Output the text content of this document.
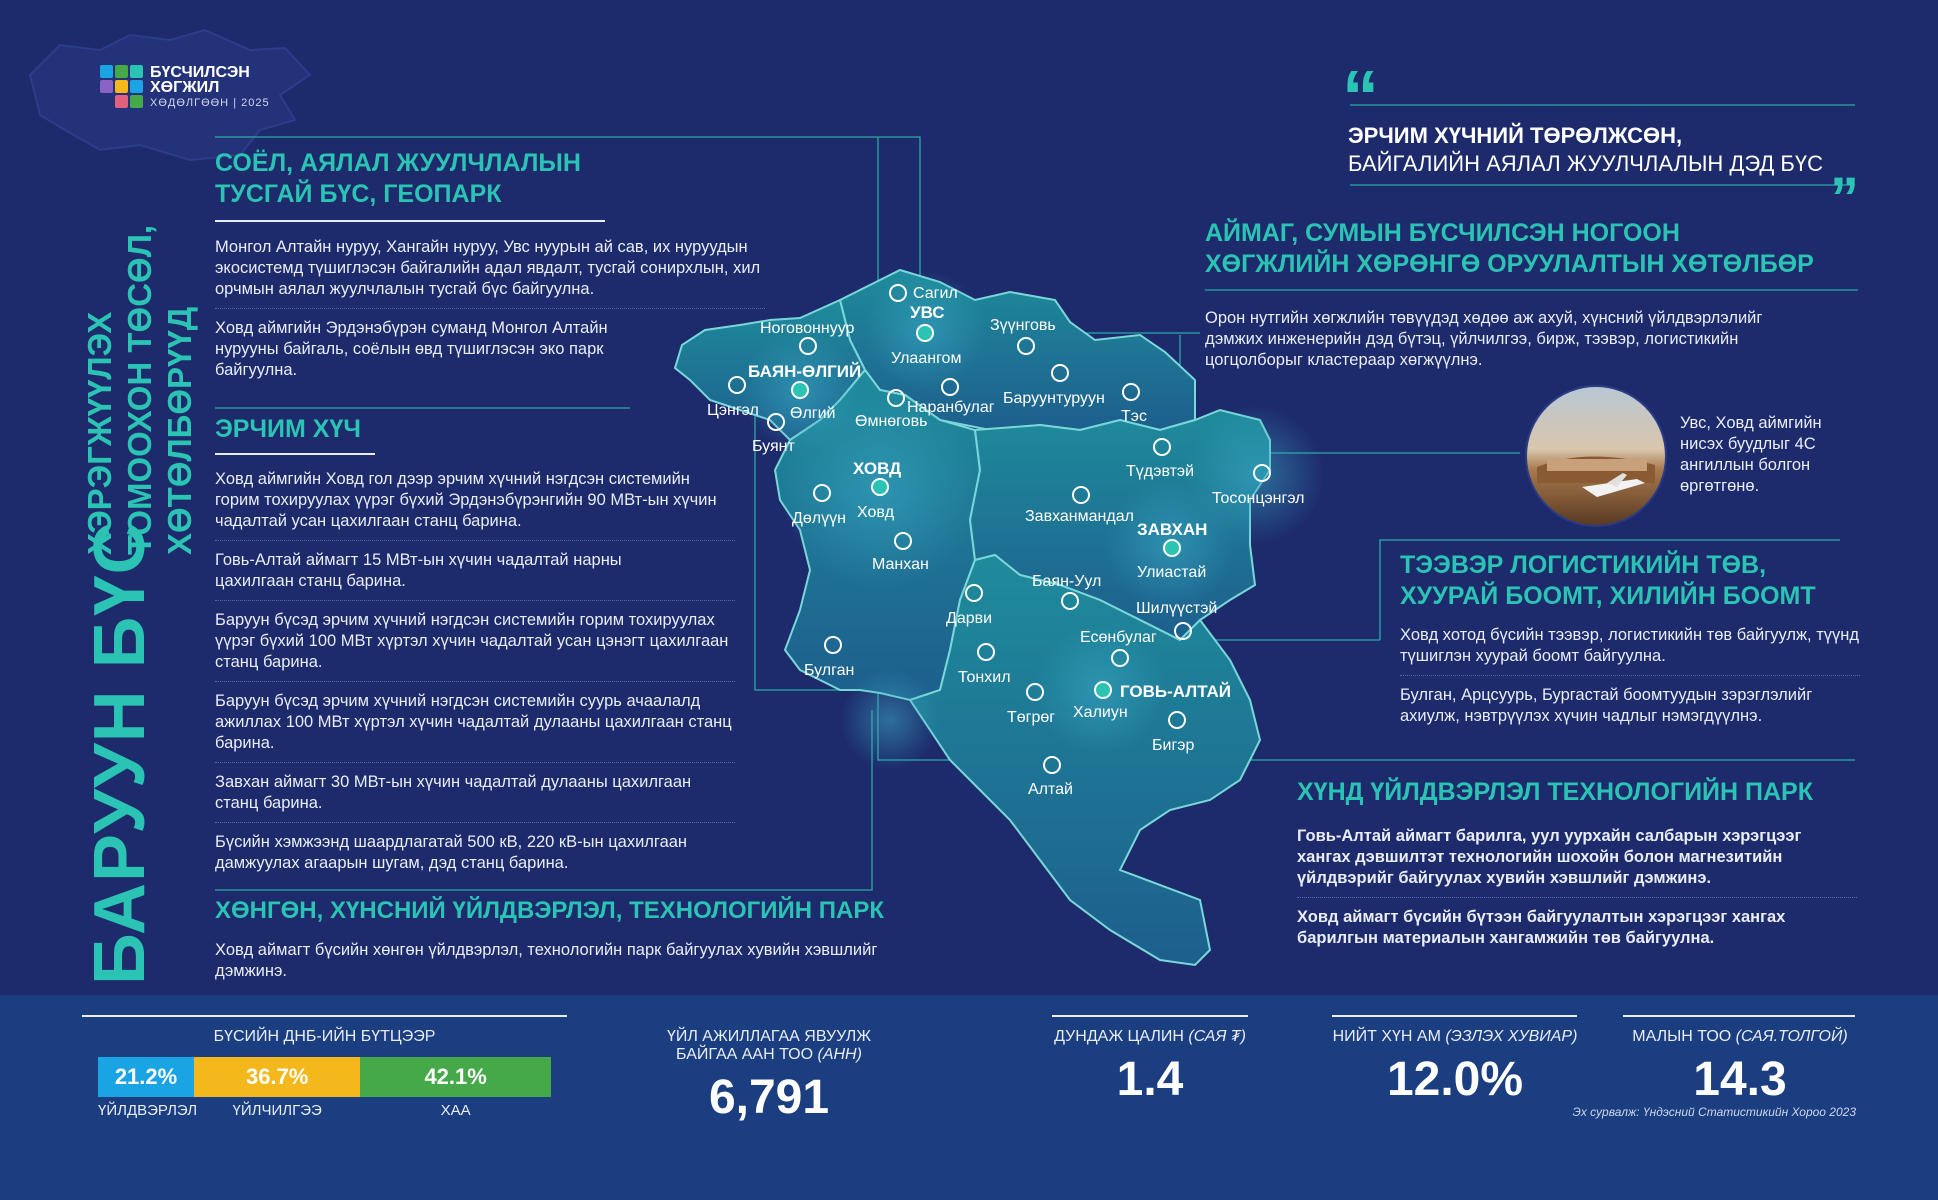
БҮСЧИЛСЭН
ХӨГЖИЛ
ХӨДӨЛГӨӨН | 2025
БАРУУН БҮС
ХЭРЭГЖҮҮЛЭХ ТОМООХОН ТӨСӨЛ, ХӨТӨЛБӨРҮҮД
СОЁЛ, АЯЛАЛ ЖУУЛЧЛАЛЫН
ТУСГАЙ БҮС, ГЕОПАРК
Монгол Алтайн нуруу, Хангайн нуруу, Увс нуурын ай сав, их нуруудын экосистемд түшиглэсэн байгалийн адал явдалт, тусгай сонирхлын, хил орчмын аялал жуулчлалын тусгай бүс байгуулна.
Ховд аймгийн Эрдэнэбүрэн суманд Монгол Алтайн нурууны байгаль, соёлын өвд түшиглэсэн эко парк байгуулна.
ЭРЧИМ ХҮЧ
Ховд аймгийн Ховд гол дээр эрчим хүчний нэгдсэн системийн горим тохируулах үүрэг бүхий Эрдэнэбүрэнгийн 90 МВт-ын хүчин чадалтай усан цахилгаан станц барина.
Говь-Алтай аймагт 15 МВт-ын хүчин чадалтай нарны цахилгаан станц барина.
Баруун бүсэд эрчим хүчний нэгдсэн системийн горим тохируулах үүрэг бүхий 100 МВт хүртэл хүчин чадалтай усан цэнэгт цахилгаан станц барина.
Баруун бүсэд эрчим хүчний нэгдсэн системийн суурь ачаалалд ажиллах 100 МВт хүртэл хүчин чадалтай дулааны цахилгаан станц барина.
Завхан аймагт 30 МВт-ын хүчин чадалтай дулааны цахилгаан станц барина.
Бүсийн хэмжээнд шаардлагатай 500 кВ, 220 кВ-ын цахилгаан дамжуулах агаарын шугам, дэд станц барина.
ХӨНГӨН, ХҮНСНИЙ ҮЙЛДВЭРЛЭЛ, ТЕХНОЛОГИЙН ПАРК
Ховд аймагт бүсийн хөнгөн үйлдвэрлэл, технологийн парк байгуулах хувийн хэвшлийг дэмжинэ.
“
ЭРЧИМ ХҮЧНИЙ ТӨРӨЛЖСӨН,
БАЙГАЛИЙН АЯЛАЛ ЖУУЛЧЛАЛЫН ДЭД БҮС
”
АЙМАГ, СУМЫН БҮСЧИЛСЭН НОГООН
ХӨГЖЛИЙН ХӨРӨНГӨ ОРУУЛАЛТЫН ХӨТӨЛБӨР
Орон нутгийн хөгжлийн төвүүдэд хөдөө аж ахуй, хүнсний үйлдвэрлэлийг дэмжих инженерийн дэд бүтэц, үйлчилгээ, бирж, тээвэр, логистикийн цогцолборыг кластераар хөгжүүлнэ.
Увс, Ховд аймгийн нисэх буудлыг 4С ангиллын болгон өргөтгөнө.
ТЭЭВЭР ЛОГИСТИКИЙН ТӨВ,
ХУУРАЙ БООМТ, ХИЛИЙН БООМТ
Ховд хотод бүсийн тээвэр, логистикийн төв байгуулж, түүнд түшиглэн хуурай боомт байгуулна.
Булган, Арцсуурь, Бургастай боомтуудын зэрэглэлийг ахиулж, нэвтрүүлэх хүчин чадлыг нэмэгдүүлнэ.
ХҮНД ҮЙЛДВЭРЛЭЛ ТЕХНОЛОГИЙН ПАРК
Говь-Алтай аймагт барилга, уул уурхайн салбарын хэрэгцээг хангах дэвшилтэт технологийн шохойн болон магнезитийн үйлдвэрийг байгуулах хувийн хэвшлийг дэмжинэ.
Ховд аймагт бүсийн бүтээн байгуулалтын хэрэгцээг хангах барилгын материалын хангамжийн төв байгуулна.
УВС
БАЯН-ӨЛГИЙ
ХОВД
ЗАВХАН
ГОВЬ-АЛТАЙ
Сагил
Улаангом
Зүүнговь
Ноговоннуур
Өлгий
Цэнгэл
Буянт
Наранбулаг
Баруунтуруун
Өмнөговь	Тэс
Түдэвтэй
Тосонцэнгэл
Ховд
Дөлүүн
Манхан
Завханмандал
Улиастай
Баян-Уул
Дарви
Шилүүстэй
Есөнбулаг
Булган	Тонхил
Төгрөг Халиун
Бигэр
Алтай
БҮСИЙН ДНБ-ИЙН БҮТЦЭЭР
21.2%	36.7%	42.1%
ҮЙЛДВЭРЛЭЛ	ҮЙЛЧИЛГЭЭ	ХАА
ҮЙЛ АЖИЛЛАГАА ЯВУУЛЖ
БАЙГАА ААН ТОО (АНН)
6,791
ДУНДАЖ ЦАЛИН (САЯ ₮)
1.4
НИЙТ ХҮН АМ (ЭЗЛЭХ ХУВИАР)
12.0%
МАЛЫН ТОО (САЯ.ТОЛГОЙ)
14.3
Эх сурвалж: Үндэсний Статистикийн Хороо 2023
